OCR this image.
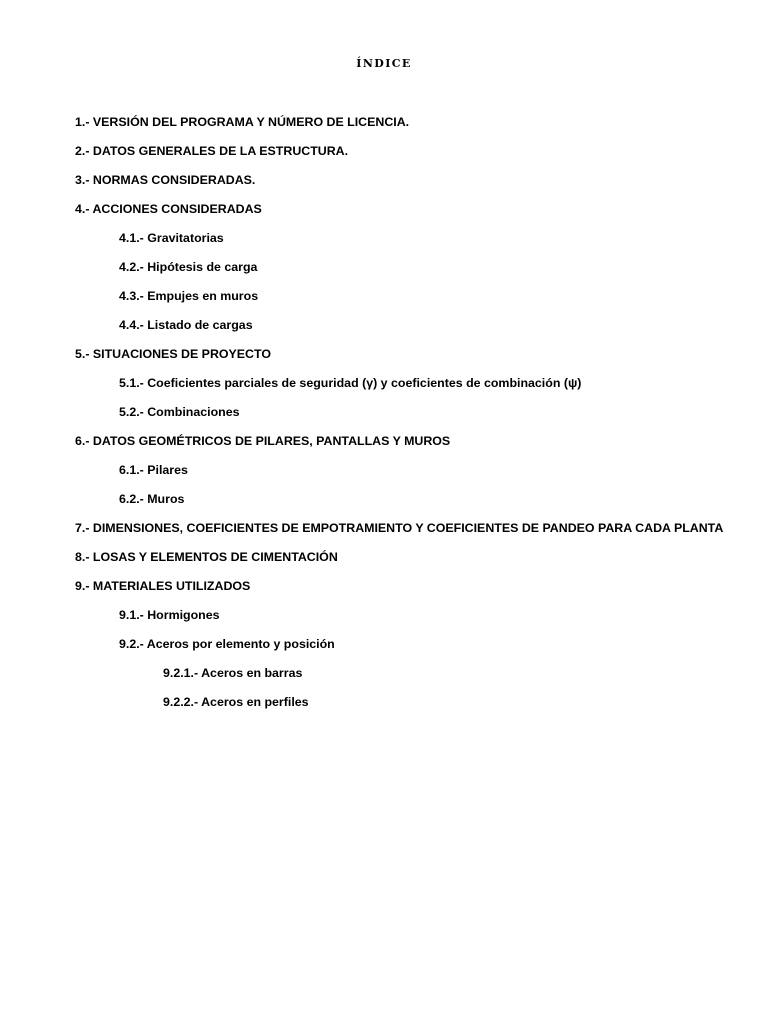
ÍNDICE
1.- VERSIÓN DEL PROGRAMA Y NÚMERO DE LICENCIA.
2.- DATOS GENERALES DE LA ESTRUCTURA.
3.- NORMAS CONSIDERADAS.
4.- ACCIONES CONSIDERADAS
4.1.- Gravitatorias
4.2.- Hipótesis de carga
4.3.- Empujes en muros
4.4.- Listado de cargas
5.- SITUACIONES DE PROYECTO
5.1.- Coeficientes parciales de seguridad (γ) y coeficientes de combinación (ψ)
5.2.- Combinaciones
6.- DATOS GEOMÉTRICOS DE PILARES, PANTALLAS Y MUROS
6.1.- Pilares
6.2.- Muros
7.- DIMENSIONES, COEFICIENTES DE EMPOTRAMIENTO Y COEFICIENTES DE PANDEO PARA CADA PLANTA
8.- LOSAS Y ELEMENTOS DE CIMENTACIÓN
9.- MATERIALES UTILIZADOS
9.1.- Hormigones
9.2.- Aceros por elemento y posición
9.2.1.- Aceros en barras
9.2.2.- Aceros en perfiles
